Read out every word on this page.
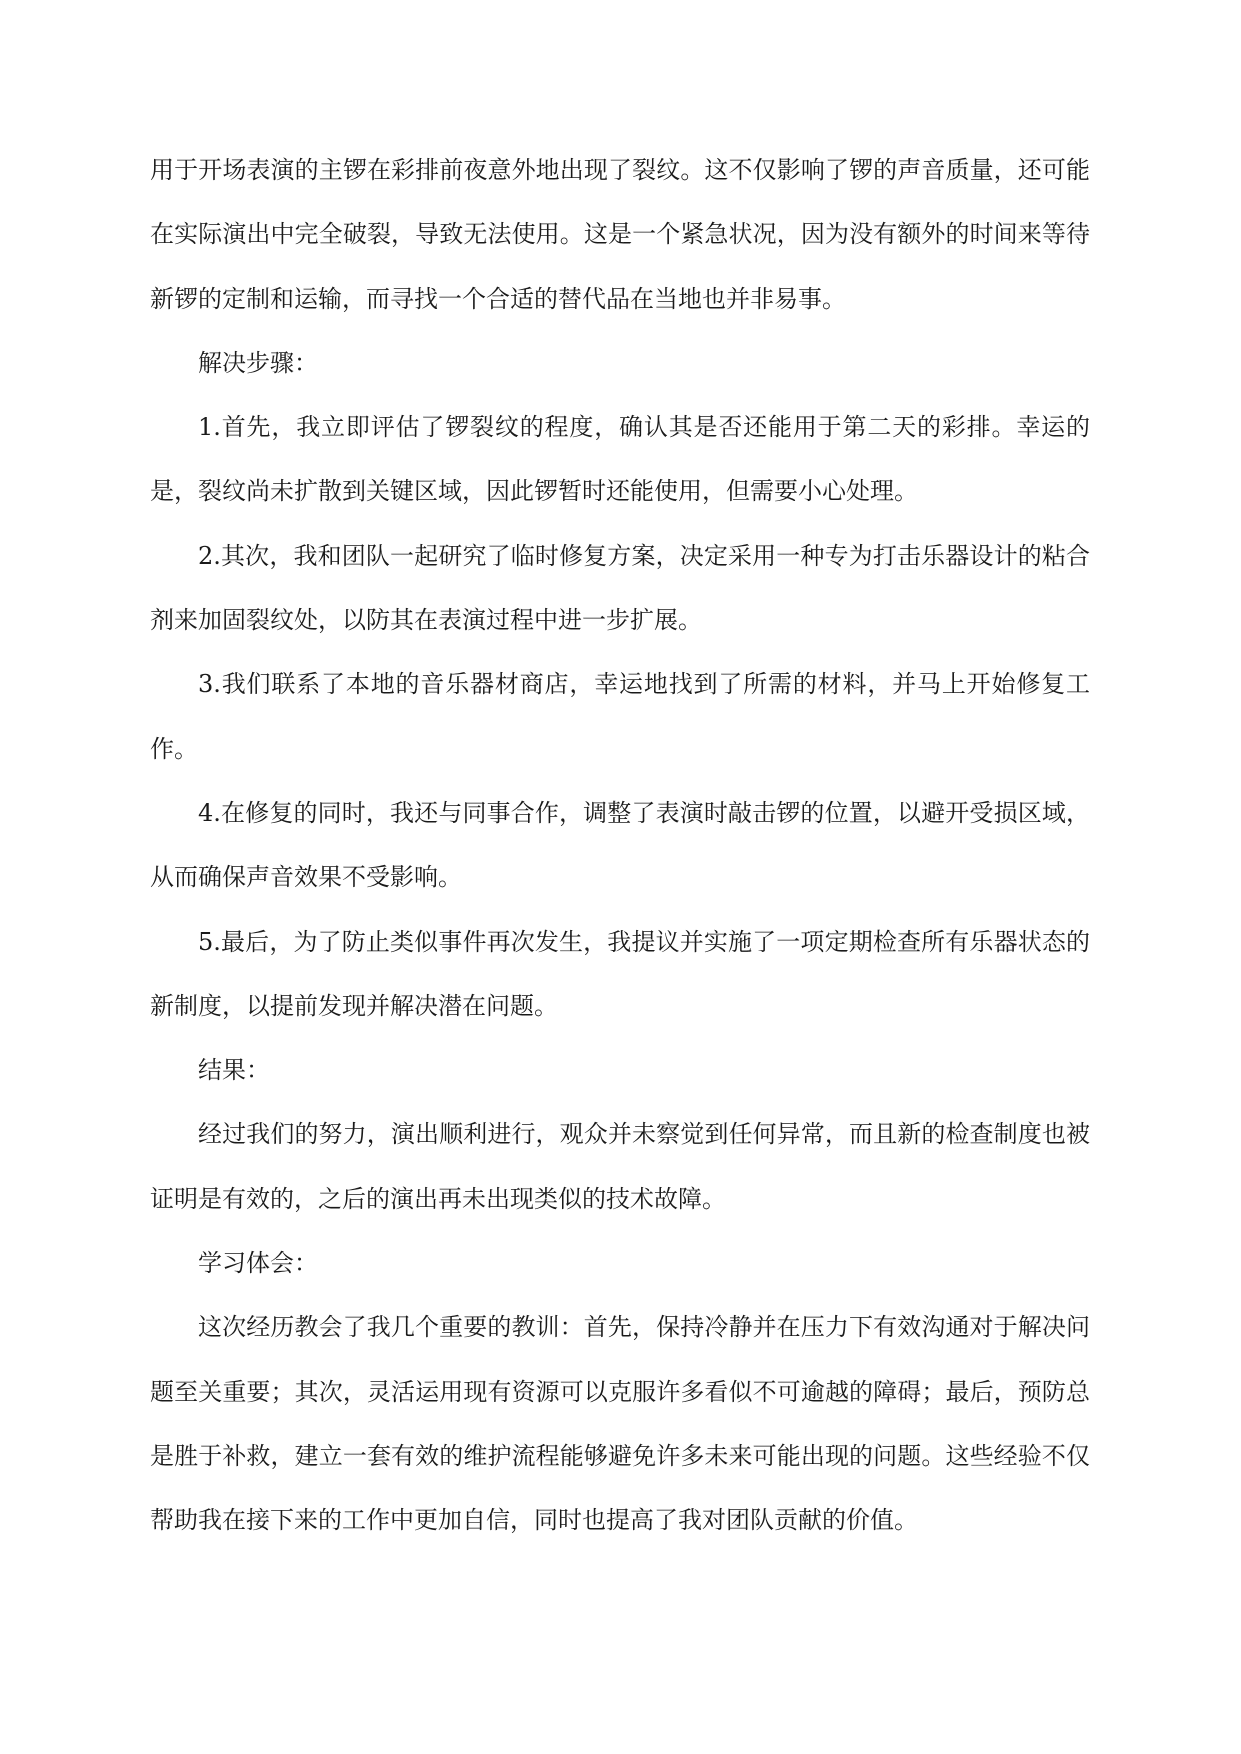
用于开场表演的主锣在彩排前夜意外地出现了裂纹。这不仅影响了锣的声音质量，还可能在实际演出中完全破裂，导致无法使用。这是一个紧急状况，因为没有额外的时间来等待新锣的定制和运输，而寻找一个合适的替代品在当地也并非易事。

解决步骤：

1.首先，我立即评估了锣裂纹的程度，确认其是否还能用于第二天的彩排。幸运的是，裂纹尚未扩散到关键区域，因此锣暂时还能使用，但需要小心处理。

2.其次，我和团队一起研究了临时修复方案，决定采用一种专为打击乐器设计的粘合剂来加固裂纹处，以防其在表演过程中进一步扩展。

3.我们联系了本地的音乐器材商店，幸运地找到了所需的材料，并马上开始修复工作。

4.在修复的同时，我还与同事合作，调整了表演时敲击锣的位置，以避开受损区域，从而确保声音效果不受影响。

5.最后，为了防止类似事件再次发生，我提议并实施了一项定期检查所有乐器状态的新制度，以提前发现并解决潜在问题。

结果：

经过我们的努力，演出顺利进行，观众并未察觉到任何异常，而且新的检查制度也被证明是有效的，之后的演出再未出现类似的技术故障。

学习体会：

这次经历教会了我几个重要的教训：首先，保持冷静并在压力下有效沟通对于解决问题至关重要；其次，灵活运用现有资源可以克服许多看似不可逾越的障碍；最后，预防总是胜于补救，建立一套有效的维护流程能够避免许多未来可能出现的问题。这些经验不仅帮助我在接下来的工作中更加自信，同时也提高了我对团队贡献的价值。
